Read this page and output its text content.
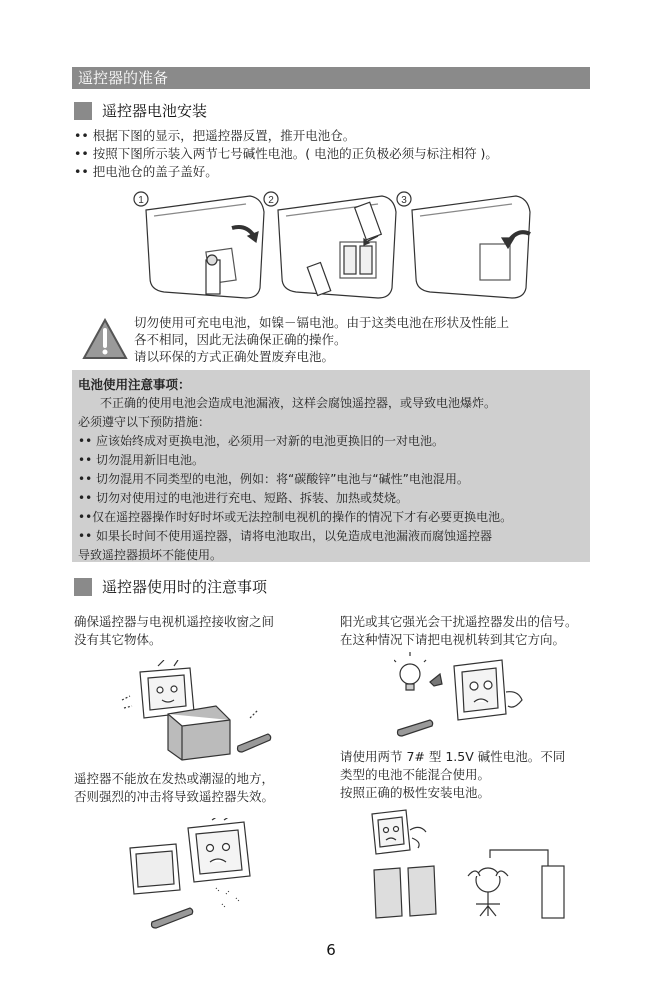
遥控器的准备
遥控器电池安装
•• 根据下图的显示，把遥控器反置，推开电池仓。
•• 按照下图所示装入两节七号碱性电池。( 电池的正负极必须与标注相符 )。
•• 把电池仓的盖子盖好。
1	2	3
切勿使用可充电电池，如镍－镉电池。由于这类电池在形状及性能上
各不相同，因此无法确保正确的操作。
请以环保的方式正确处置废弃电池。
电池使用注意事项：
不正确的使用电池会造成电池漏液，这样会腐蚀遥控器，或导致电池爆炸。
必须遵守以下预防措施：
•• 应该始终成对更换电池，必须用一对新的电池更换旧的一对电池。
•• 切勿混用新旧电池。
•• 切勿混用不同类型的电池，例如：将“碳酸锌”电池与“碱性”电池混用。
•• 切勿对使用过的电池进行充电、短路、拆装、加热或焚烧。
••仅在遥控器操作时好时坏或无法控制电视机的操作的情况下才有必要更换电池。
•• 如果长时间不使用遥控器，请将电池取出，以免造成电池漏液而腐蚀遥控器
导致遥控器损坏不能使用。
遥控器使用时的注意事项
确保遥控器与电视机遥控接收窗之间
没有其它物体。
阳光或其它强光会干扰遥控器发出的信号。
在这种情况下请把电视机转到其它方向。
请使用两节 7# 型 1.5V 碱性电池。不同
类型的电池不能混合使用。
按照正确的极性安装电池。
遥控器不能放在发热或潮湿的地方，
否则强烈的冲击将导致遥控器失效。
6
